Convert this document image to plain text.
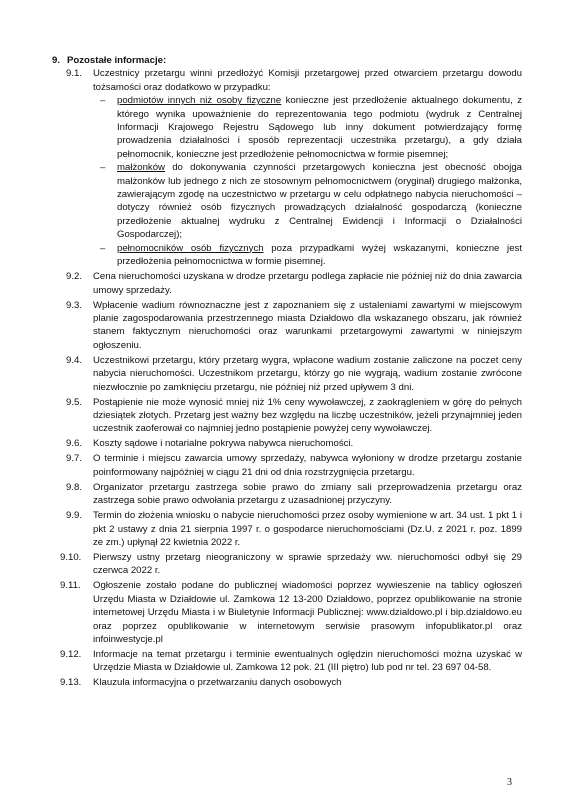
9. Pozostałe informacje:
9.1. Uczestnicy przetargu winni przedłożyć Komisji przetargowej przed otwarciem przetargu dowodu tożsamości oraz dodatkowo w przypadku:
– podmiotów innych niż osoby fizyczne konieczne jest przedłożenie aktualnego dokumentu, z którego wynika upoważnienie do reprezentowania tego podmiotu (wydruk z Centralnej Informacji Krajowego Rejestru Sądowego lub inny dokument potwierdzający formę prowadzenia działalności i sposób reprezentacji uczestnika przetargu), a gdy działa pełnomocnik, konieczne jest przedłożenie pełnomocnictwa w formie pisemnej;
– małżonków do dokonywania czynności przetargowych konieczna jest obecność obojga małżonków lub jednego z nich ze stosownym pełnomocnictwem (oryginał) drugiego małżonka, zawierającym zgodę na uczestnictwo w przetargu w celu odpłatnego nabycia nieruchomości – dotyczy również osób fizycznych prowadzących działalność gospodarczą (konieczne przedłożenie aktualnej wydruku z Centralnej Ewidencji i Informacji o Działalności Gospodarczej);
– pełnomocników osób fizycznych poza przypadkami wyżej wskazanymi, konieczne jest przedłożenia pełnomocnictwa w formie pisemnej.
9.2. Cena nieruchomości uzyskana w drodze przetargu podlega zapłacie nie później niż do dnia zawarcia umowy sprzedaży.
9.3. Wpłacenie wadium równoznaczne jest z zapoznaniem się z ustaleniami zawartymi w miejscowym planie zagospodarowania przestrzennego miasta Działdowo dla wskazanego obszaru, jak również stanem faktycznym nieruchomości oraz warunkami przetargowymi zawartymi w niniejszym ogłoszeniu.
9.4. Uczestnikowi przetargu, który przetarg wygra, wpłacone wadium zostanie zaliczone na poczet ceny nabycia nieruchomości. Uczestnikom przetargu, którzy go nie wygrają, wadium zostanie zwrócone niezwłocznie po zamknięciu przetargu, nie później niż przed upływem 3 dni.
9.5. Postąpienie nie może wynosić mniej niż 1% ceny wywoławczej, z zaokrągleniem w górę do pełnych dziesiątek złotych. Przetarg jest ważny bez względu na liczbę uczestników, jeżeli przynajmniej jeden uczestnik zaoferował co najmniej jedno postąpienie powyżej ceny wywoławczej.
9.6. Koszty sądowe i notarialne pokrywa nabywca nieruchomości.
9.7. O terminie i miejscu zawarcia umowy sprzedaży, nabywca wyłoniony w drodze przetargu zostanie poinformowany najpóźniej w ciągu 21 dni od dnia rozstrzygnięcia przetargu.
9.8. Organizator przetargu zastrzega sobie prawo do zmiany sali przeprowadzenia przetargu oraz zastrzega sobie prawo odwołania przetargu z uzasadnionej przyczyny.
9.9. Termin do złożenia wniosku o nabycie nieruchomości przez osoby wymienione w art. 34 ust. 1 pkt 1 i pkt 2 ustawy z dnia 21 sierpnia 1997 r. o gospodarce nieruchomościami (Dz.U. z 2021 r. poz. 1899 ze zm.) upłynął 22 kwietnia 2022 r.
9.10. Pierwszy ustny przetarg nieograniczony w sprawie sprzedaży ww. nieruchomości odbył się 29 czerwca 2022 r.
9.11. Ogłoszenie zostało podane do publicznej wiadomości poprzez wywieszenie na tablicy ogłoszeń Urzędu Miasta w Działdowie ul. Zamkowa 12 13-200 Działdowo, poprzez opublikowanie na stronie internetowej Urzędu Miasta i w Biuletynie Informacji Publicznej: www.dzialdowo.pl i bip.dzialdowo.eu oraz poprzez opublikowanie w internetowym serwisie prasowym infopublikator.pl oraz infoinwestycje.pl
9.12. Informacje na temat przetargu i terminie ewentualnych oględzin nieruchomości można uzyskać w Urzędzie Miasta w Działdowie ul. Zamkowa 12 pok. 21 (III piętro) lub pod nr tel. 23 697 04-58.
9.13. Klauzula informacyjna o przetwarzaniu danych osobowych
3
